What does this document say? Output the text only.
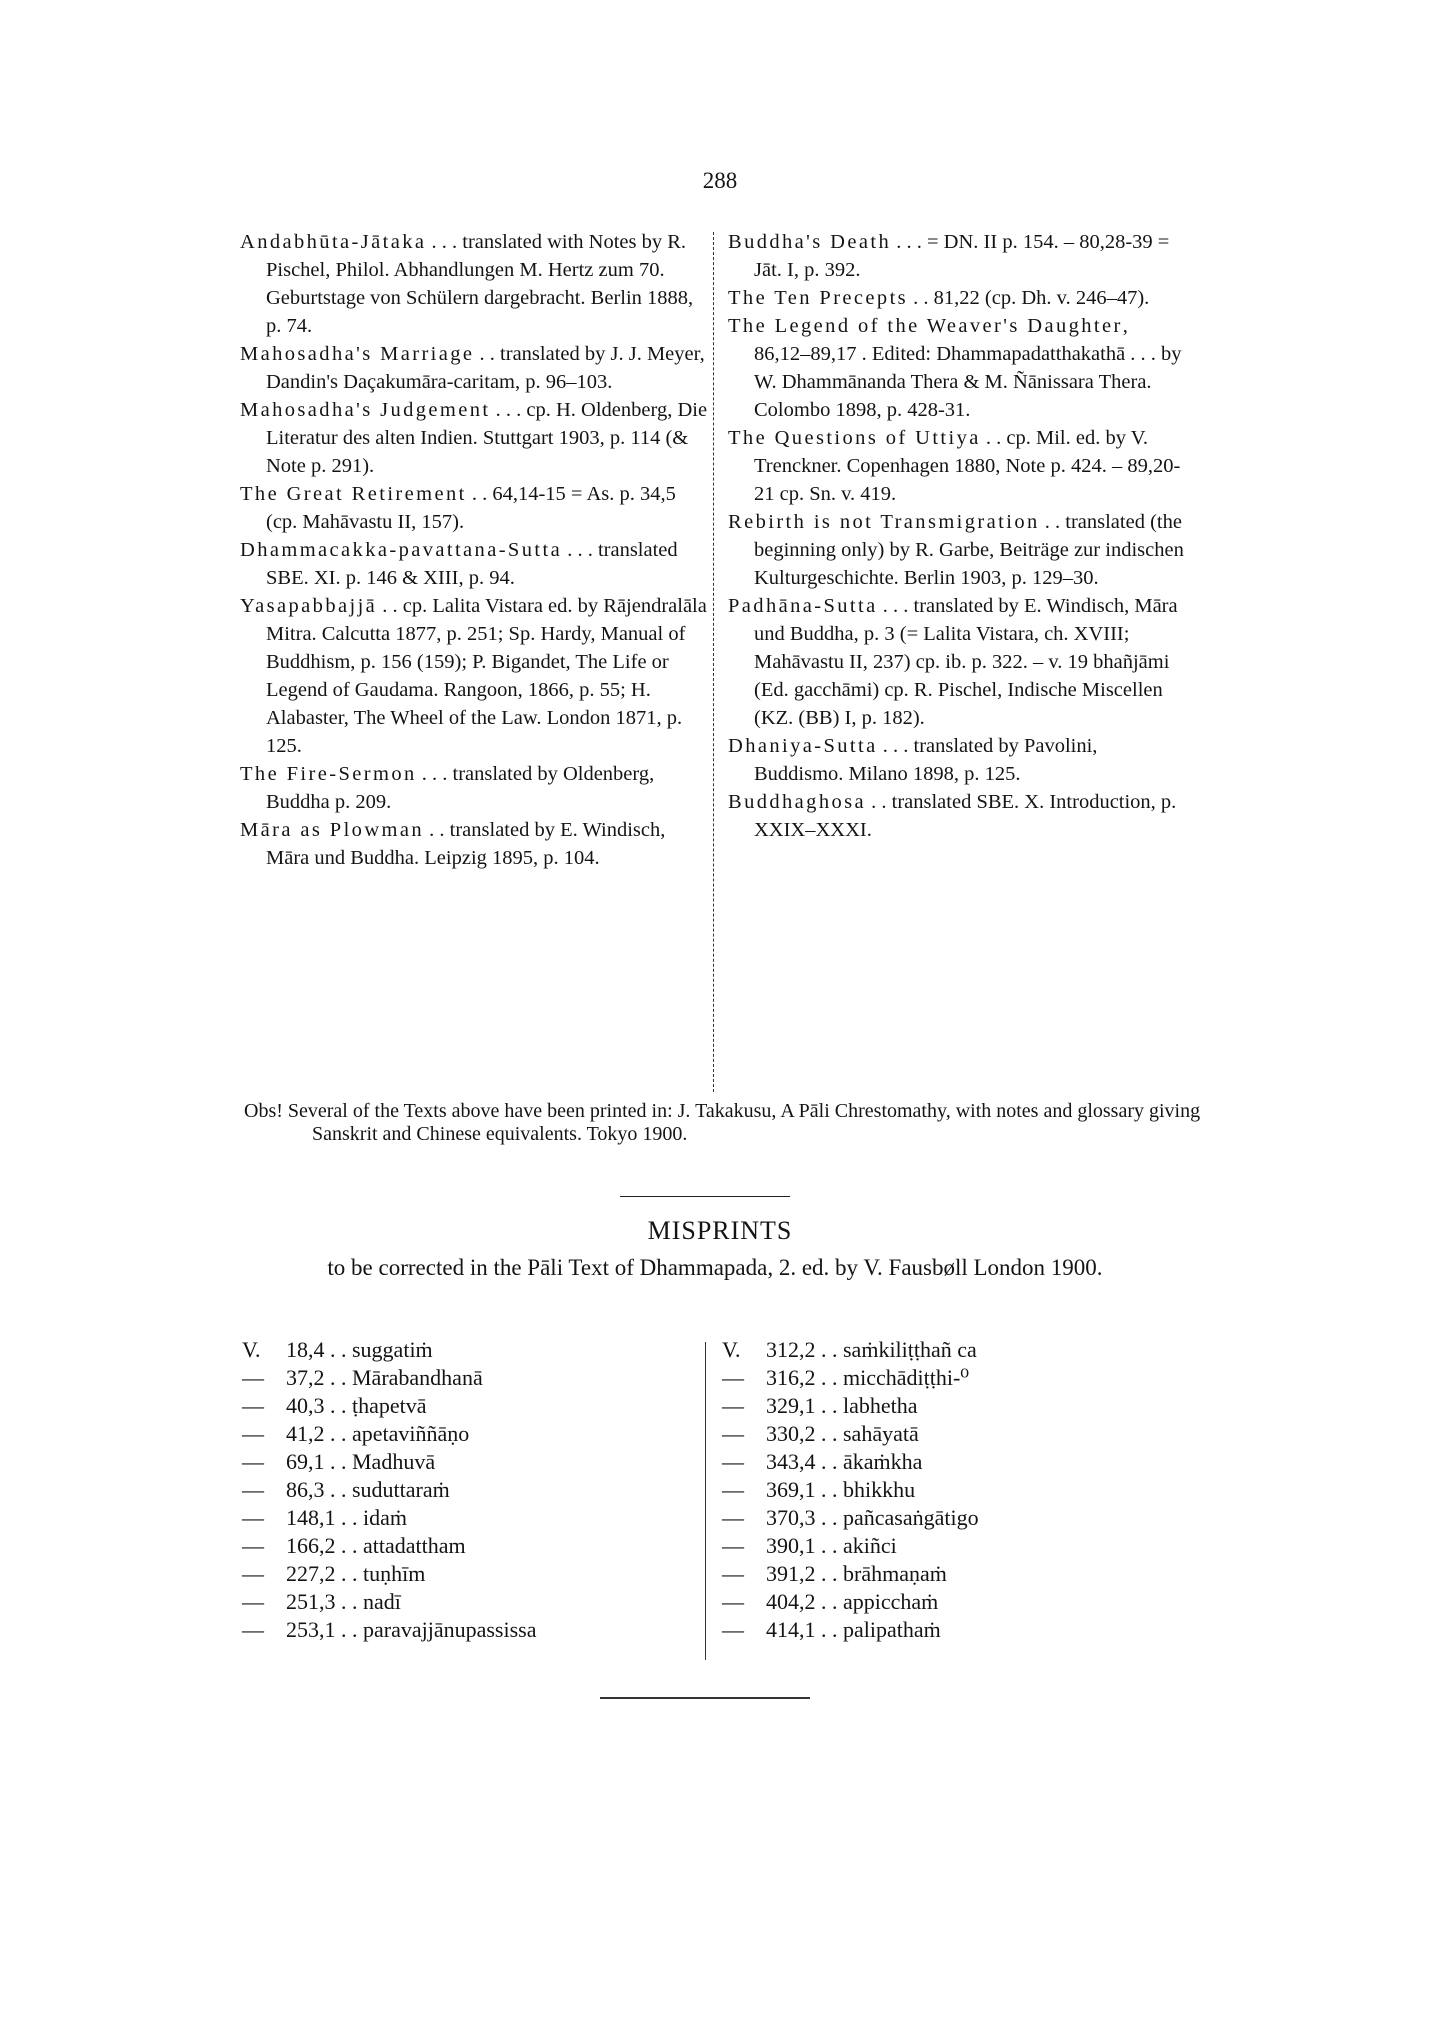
288

Andabhūta-Jātaka . . . translated with Notes by R. Pischel, Philol. Abhandlungen M. Hertz zum 70. Geburtstage von Schülern dargebracht. Berlin 1888, p. 74.

Mahosadha's Marriage . . translated by J. J. Meyer, Dandin's Daçakumāra-caritam, p. 96–103.

Mahosadha's Judgement . . . cp. H. Oldenberg, Die Literatur des alten Indien. Stuttgart 1903, p. 114 (& Note p. 291).

The Great Retirement . . 64,14-15 = As. p. 34,5 (cp. Mahāvastu II, 157).

Dhammacakka-pavattana-Sutta . . . translated SBE. XI. p. 146 & XIII, p. 94.

Yasapabbajjā . . cp. Lalita Vistara ed. by Rājendralāla Mitra. Calcutta 1877, p. 251; Sp. Hardy, Manual of Buddhism, p. 156 (159); P. Bigandet, The Life or Legend of Gaudama. Rangoon, 1866, p. 55; H. Alabaster, The Wheel of the Law. London 1871, p. 125.

The Fire-Sermon . . . translated by Oldenberg, Buddha p. 209.

Māra as Plowman . . translated by E. Windisch, Māra und Buddha. Leipzig 1895, p. 104.

Buddha's Death . . . = DN. II p. 154. – 80,28-39 = Jāt. I, p. 392.

The Ten Precepts . . 81,22 (cp. Dh. v. 246–47).

The Legend of the Weaver's Daughter, 86,12–89,17 . Edited: Dhammapadatthakathā . . . by W. Dhammānanda Thera & M. Ñānissara Thera. Colombo 1898, p. 428-31.

The Questions of Uttiya . . cp. Mil. ed. by V. Trenckner. Copenhagen 1880, Note p. 424. – 89,20-21 cp. Sn. v. 419.

Rebirth is not Transmigration . . translated (the beginning only) by R. Garbe, Beiträge zur indischen Kulturgeschichte. Berlin 1903, p. 129–30.

Padhāna-Sutta . . . translated by E. Windisch, Māra und Buddha, p. 3 (= Lalita Vistara, ch. XVIII; Mahāvastu II, 237) cp. ib. p. 322. – v. 19 bhañjāmi (Ed. gacchāmi) cp. R. Pischel, Indische Miscellen (KZ. (BB) I, p. 182).

Dhaniya-Sutta . . . translated by Pavolini, Buddismo. Milano 1898, p. 125.

Buddhaghosa . . translated SBE. X. Introduction, p. XXIX–XXXI.

Obs! Several of the Texts above have been printed in: J. Takakusu, A Pāli Chrestomathy, with notes and glossary giving Sanskrit and Chinese equivalents. Tokyo 1900.
MISPRINTS
to be corrected in the Pāli Text of Dhammapada, 2. ed. by V. Fausbøll London 1900.
V.	18,4 . . suggatiṁ
—	37,2 . . Mārabandhanā
—	40,3 . . ṭhapetvā
—	41,2 . . apetaviññāṇo
—	69,1 . . Madhuvā
—	86,3 . . suduttaraṁ
—	148,1 . . idaṁ
—	166,2 . . attadattham
—	227,2 . . tuṇhīm
—	251,3 . . nadī
—	253,1 . . paravajjānupassissa
V.	312,2 . . saṁkiliṭṭhañ ca
—	316,2 . . micchādiṭṭhi-⁰
—	329,1 . . labhetha
—	330,2 . . sahāyatā
—	343,4 . . ākaṁkha
—	369,1 . . bhikkhu
—	370,3 . . pañcasaṅgātigo
—	390,1 . . akiñci
—	391,2 . . brāhmaṇaṁ
—	404,2 . . appicchaṁ
—	414,1 . . palipathaṁ
